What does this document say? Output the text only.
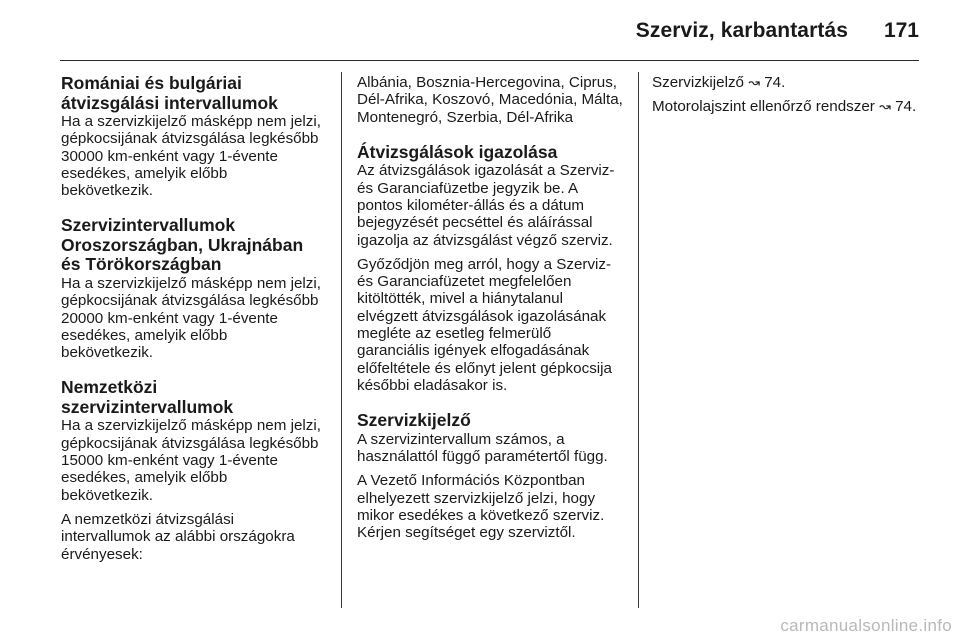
Szerviz, karbantartás 171
Romániai és bulgáriai átvizsgálási intervallumok

Ha a szervizkijelző másképp nem jelzi, gépkocsijának átvizsgálása legkésőbb 30000 km-enként vagy 1-évente esedékes, amelyik előbb bekövetkezik.

Szervizintervallumok Oroszországban, Ukrajnában és Törökországban

Ha a szervizkijelző másképp nem jelzi, gépkocsijának átvizsgálása legkésőbb 20000 km-enként vagy 1-évente esedékes, amelyik előbb bekövetkezik.

Nemzetközi szervizintervallumok

Ha a szervizkijelző másképp nem jelzi, gépkocsijának átvizsgálása legkésőbb 15000 km-enként vagy 1-évente esedékes, amelyik előbb bekövetkezik.

A nemzetközi átvizsgálási intervallumok az alábbi országokra érvényesek:

Albánia, Bosznia-Hercegovina, Ciprus, Dél-Afrika, Koszovó, Macedónia, Málta, Montenegró, Szerbia, Dél-Afrika

Átvizsgálások igazolása

Az átvizsgálások igazolását a Szerviz- és Garanciafüzetbe jegyzik be. A pontos kilométer-állás és a dátum bejegyzését pecséttel és aláírással igazolja az átvizsgálást végző szerviz.

Győződjön meg arról, hogy a Szerviz- és Garanciafüzetet megfelelően kitöltötték, mivel a hiánytalanul elvégzett átvizsgálások igazolásának megléte az esetleg felmerülő garanciális igények elfogadásának előfeltétele és előnyt jelent gépkocsija későbbi eladásakor is.

Szervizkijelző

A szervizintervallum számos, a használattól függő paramétertől függ.

A Vezető Információs Központban elhelyezett szervizkijelző jelzi, hogy mikor esedékes a következő szerviz. Kérjen segítséget egy szerviztől.

Szervizkijelző ↝ 74.

Motorolajszint ellenőrző rendszer ↝ 74.

carmanualsonline.info
